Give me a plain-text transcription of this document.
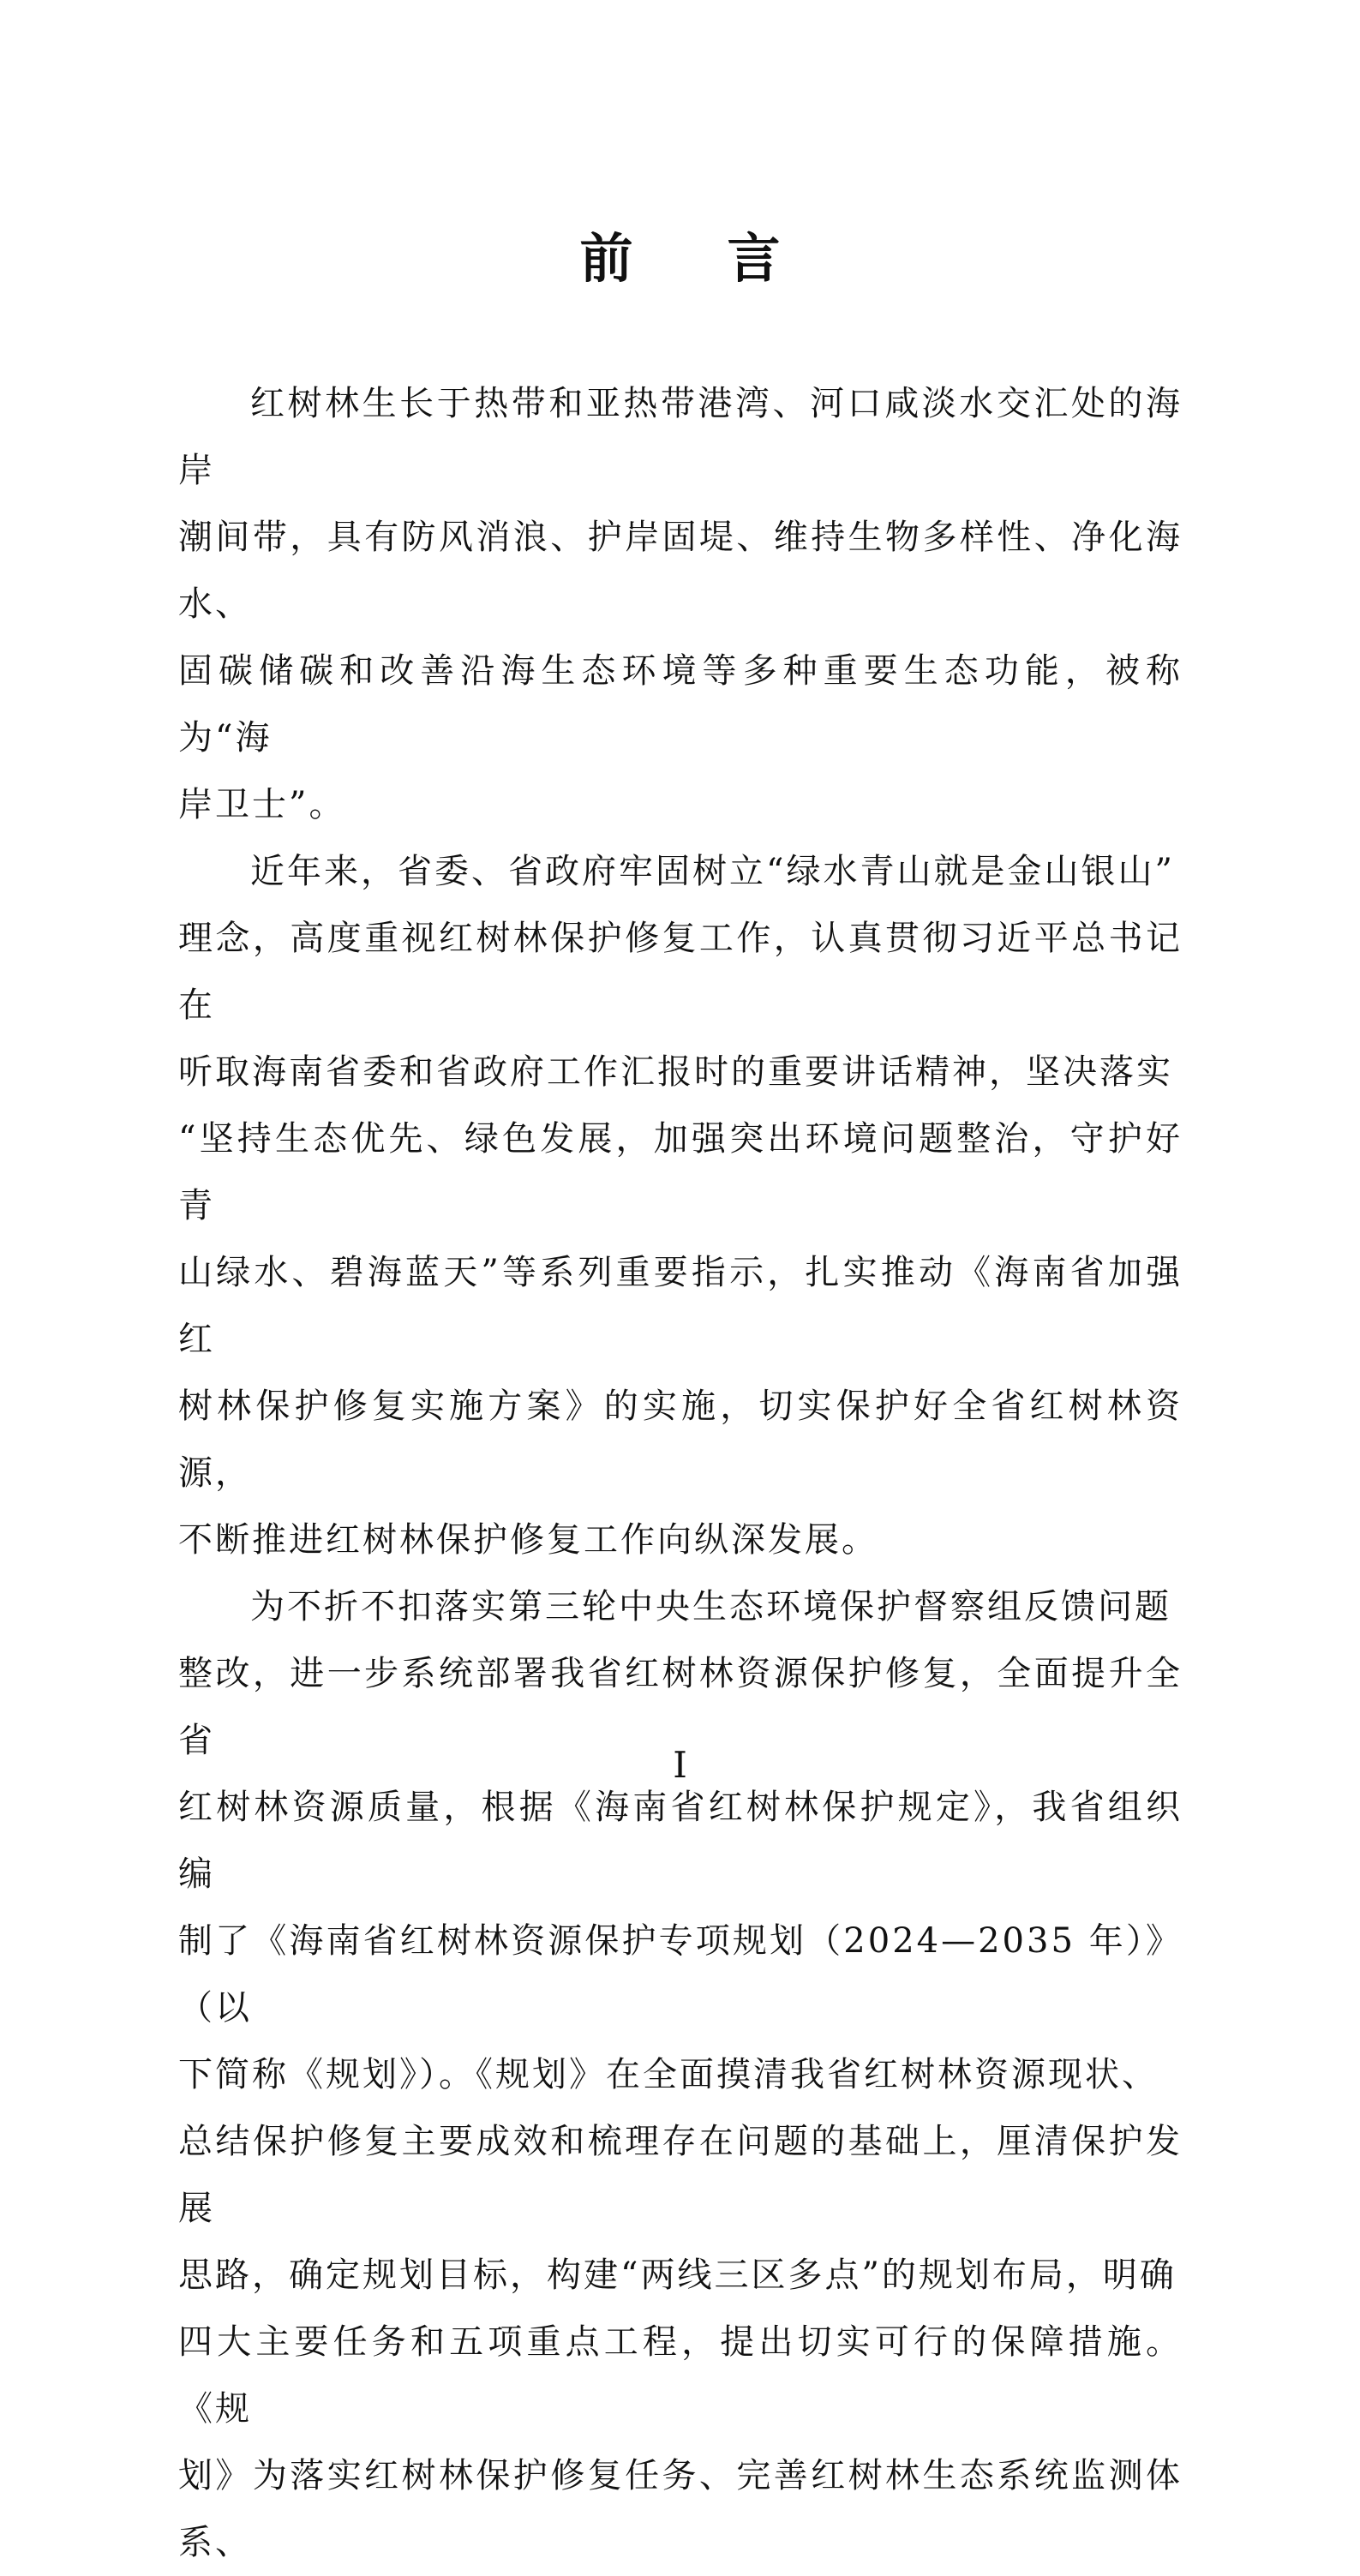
前言

红树林生长于热带和亚热带港湾、河口咸淡水交汇处的海岸
潮间带，具有防风消浪、护岸固堤、维持生物多样性、净化海水、
固碳储碳和改善沿海生态环境等多种重要生态功能，被称为“海
岸卫士”。

近年来，省委、省政府牢固树立“绿水青山就是金山银山”
理念，高度重视红树林保护修复工作，认真贯彻习近平总书记在
听取海南省委和省政府工作汇报时的重要讲话精神，坚决落实
“坚持生态优先、绿色发展，加强突出环境问题整治，守护好青
山绿水、碧海蓝天”等系列重要指示，扎实推动《海南省加强红
树林保护修复实施方案》的实施，切实保护好全省红树林资源，
不断推进红树林保护修复工作向纵深发展。

为不折不扣落实第三轮中央生态环境保护督察组反馈问题
整改，进一步系统部署我省红树林资源保护修复，全面提升全省
红树林资源质量，根据《海南省红树林保护规定》，我省组织编
制了《海南省红树林资源保护专项规划（2024—2035 年）》（以
下简称《规划》）。《规划》在全面摸清我省红树林资源现状、
总结保护修复主要成效和梳理存在问题的基础上，厘清保护发展
思路，确定规划目标，构建“两线三区多点”的规划布局，明确
四大主要任务和五项重点工程，提出切实可行的保障措施。《规
划》为落实红树林保护修复任务、完善红树林生态系统监测体系、

I
